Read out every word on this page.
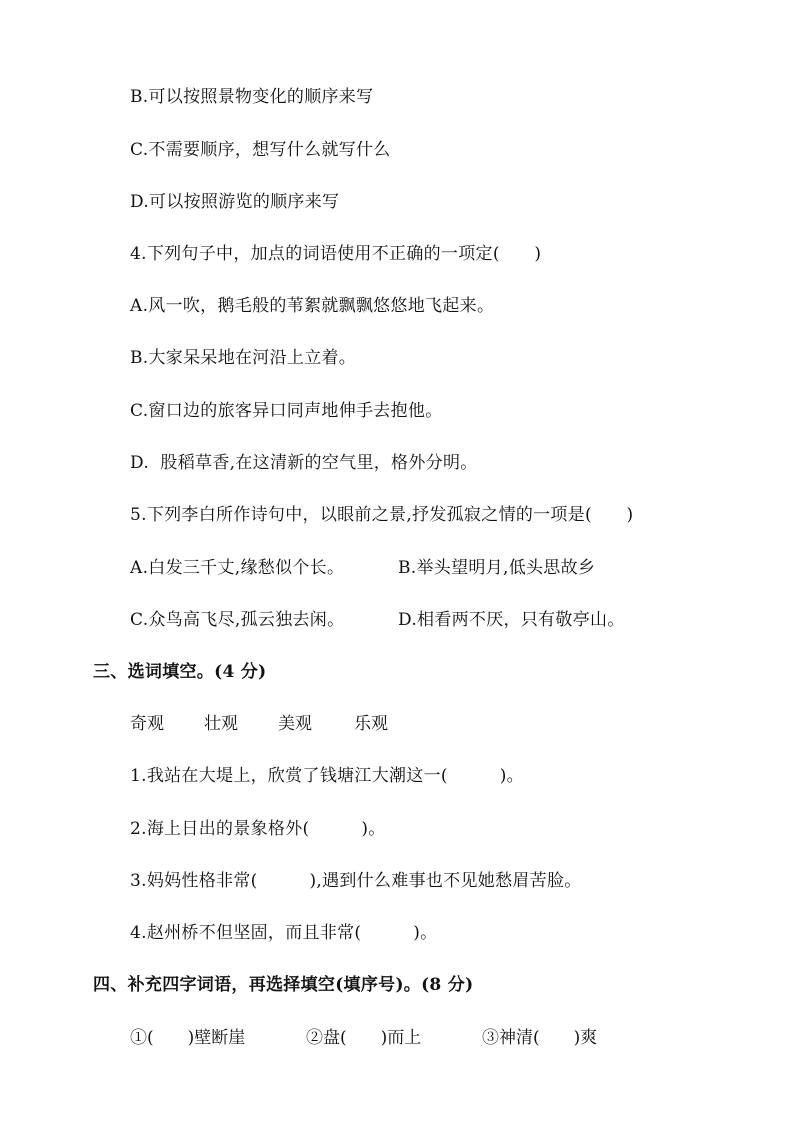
B.可以按照景物变化的顺序来写
C.不需要顺序，想写什么就写什么
D.可以按照游览的顺序来写
4.下列句子中，加点的词语使用不正确的一项定(　　)
A.风一吹，鹅毛般的苇絮就飘飘悠悠地飞起来。
B.大家呆呆地在河沿上立着。
C.窗口边的旅客异口同声地伸手去抱他。
D.  股稻草香,在这清新的空气里，格外分明。
5.下列李白所作诗句中，以眼前之景,抒发孤寂之情的一项是(　　)
A.白发三千丈,缘愁似个长。	B.举头望明月,低头思故乡
C.众鸟高飞尽,孤云独去闲。	D.相看两不厌，只有敬亭山。
三、选词填空。(4 分)
奇观 壮观 美观 乐观
1.我站在大堤上，欣赏了钱塘江大潮这一(　　　)。
2.海上日出的景象格外(　　　)。
3.妈妈性格非常(　　　),遇到什么难事也不见她愁眉苦脸。
4.赵州桥不但坚固，而且非常(　　　)。
四、补充四字词语，再选择填空(填序号)。(8 分)
①(　　)壁断崖	②盘(　　)而上	③神清(　　)爽
